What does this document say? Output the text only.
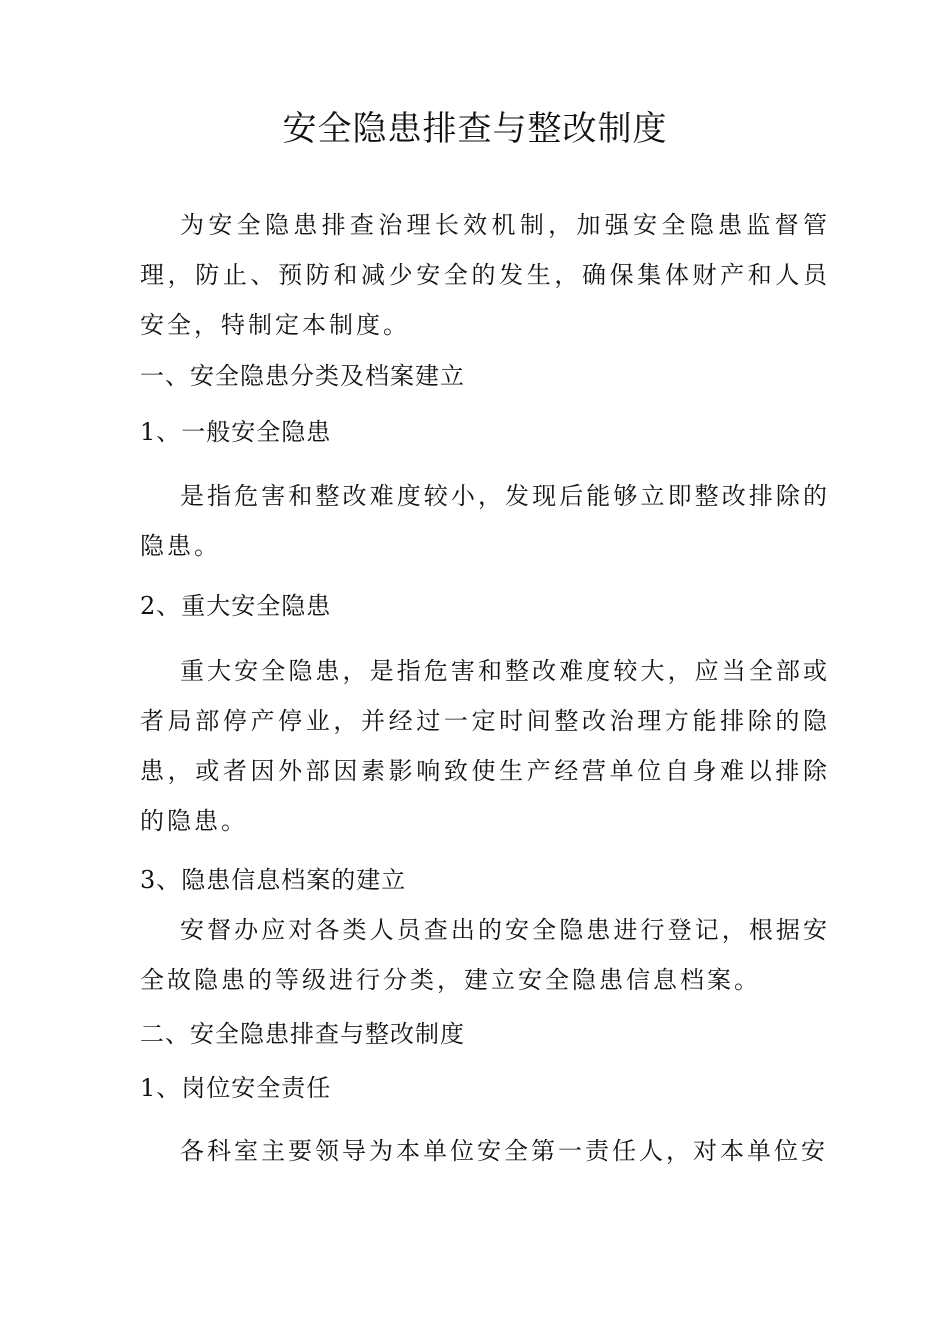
安全隐患排查与整改制度
为安全隐患排查治理长效机制，加强安全隐患监督管理，防止、预防和减少安全的发生，确保集体财产和人员安全，特制定本制度。
一、安全隐患分类及档案建立
1、一般安全隐患
是指危害和整改难度较小，发现后能够立即整改排除的隐患。
2、重大安全隐患
重大安全隐患，是指危害和整改难度较大，应当全部或者局部停产停业，并经过一定时间整改治理方能排除的隐患，或者因外部因素影响致使生产经营单位自身难以排除的隐患。
3、隐患信息档案的建立
安督办应对各类人员查出的安全隐患进行登记，根据安全故隐患的等级进行分类，建立安全隐患信息档案。
二、安全隐患排查与整改制度
1、岗位安全责任
各科室主要领导为本单位安全第一责任人，对本单位安
